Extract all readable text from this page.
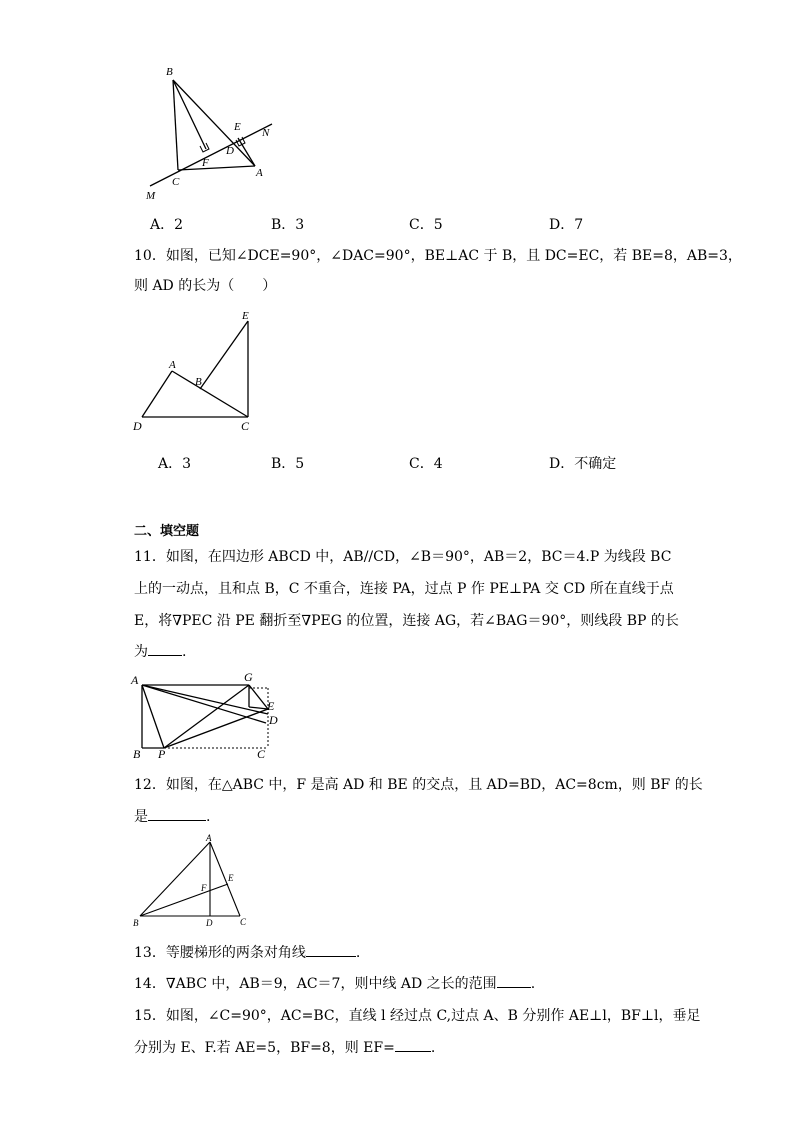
B
E N
D
F
C
A
M
A．2	B．3	C．5	D．7
10．如图，已知∠DCE=90°，∠DAC=90°，BE⊥AC 于 B，且 DC=EC，若 BE=8，AB=3，
则 AD 的长为（　　）
E
A
B
D	C
A．3	B．5	C．4	D．不确定
二、填空题
11．如图，在四边形 ABCD 中，AB//CD，∠B＝90°，AB＝2，BC＝4.P 为线段 BC
上的一动点，且和点 B，C 不重合，连接 PA，过点 P 作 PE⊥PA 交 CD 所在直线于点
E，将∇PEC 沿 PE 翻折至∇PEG 的位置，连接 AG，若∠BAG＝90°，则线段 BP 的长
为 .
A	G
E
D
B P	C
12．如图，在△ABC 中，F 是高 AD 和 BE 的交点，且 AD=BD，AC=8cm，则 BF 的长
是	.
A
E
F
B	D	C
13．等腰梯形的两条对角线	.
14．∇ABC 中，AB＝9，AC＝7，则中线 AD 之长的范围 .
15．如图，∠C=90°，AC=BC，直线 l 经过点 C,过点 A、B 分别作 AE⊥l，BF⊥l，垂足
分别为 E、F.若 AE=5，BF=8，则 EF=	.
